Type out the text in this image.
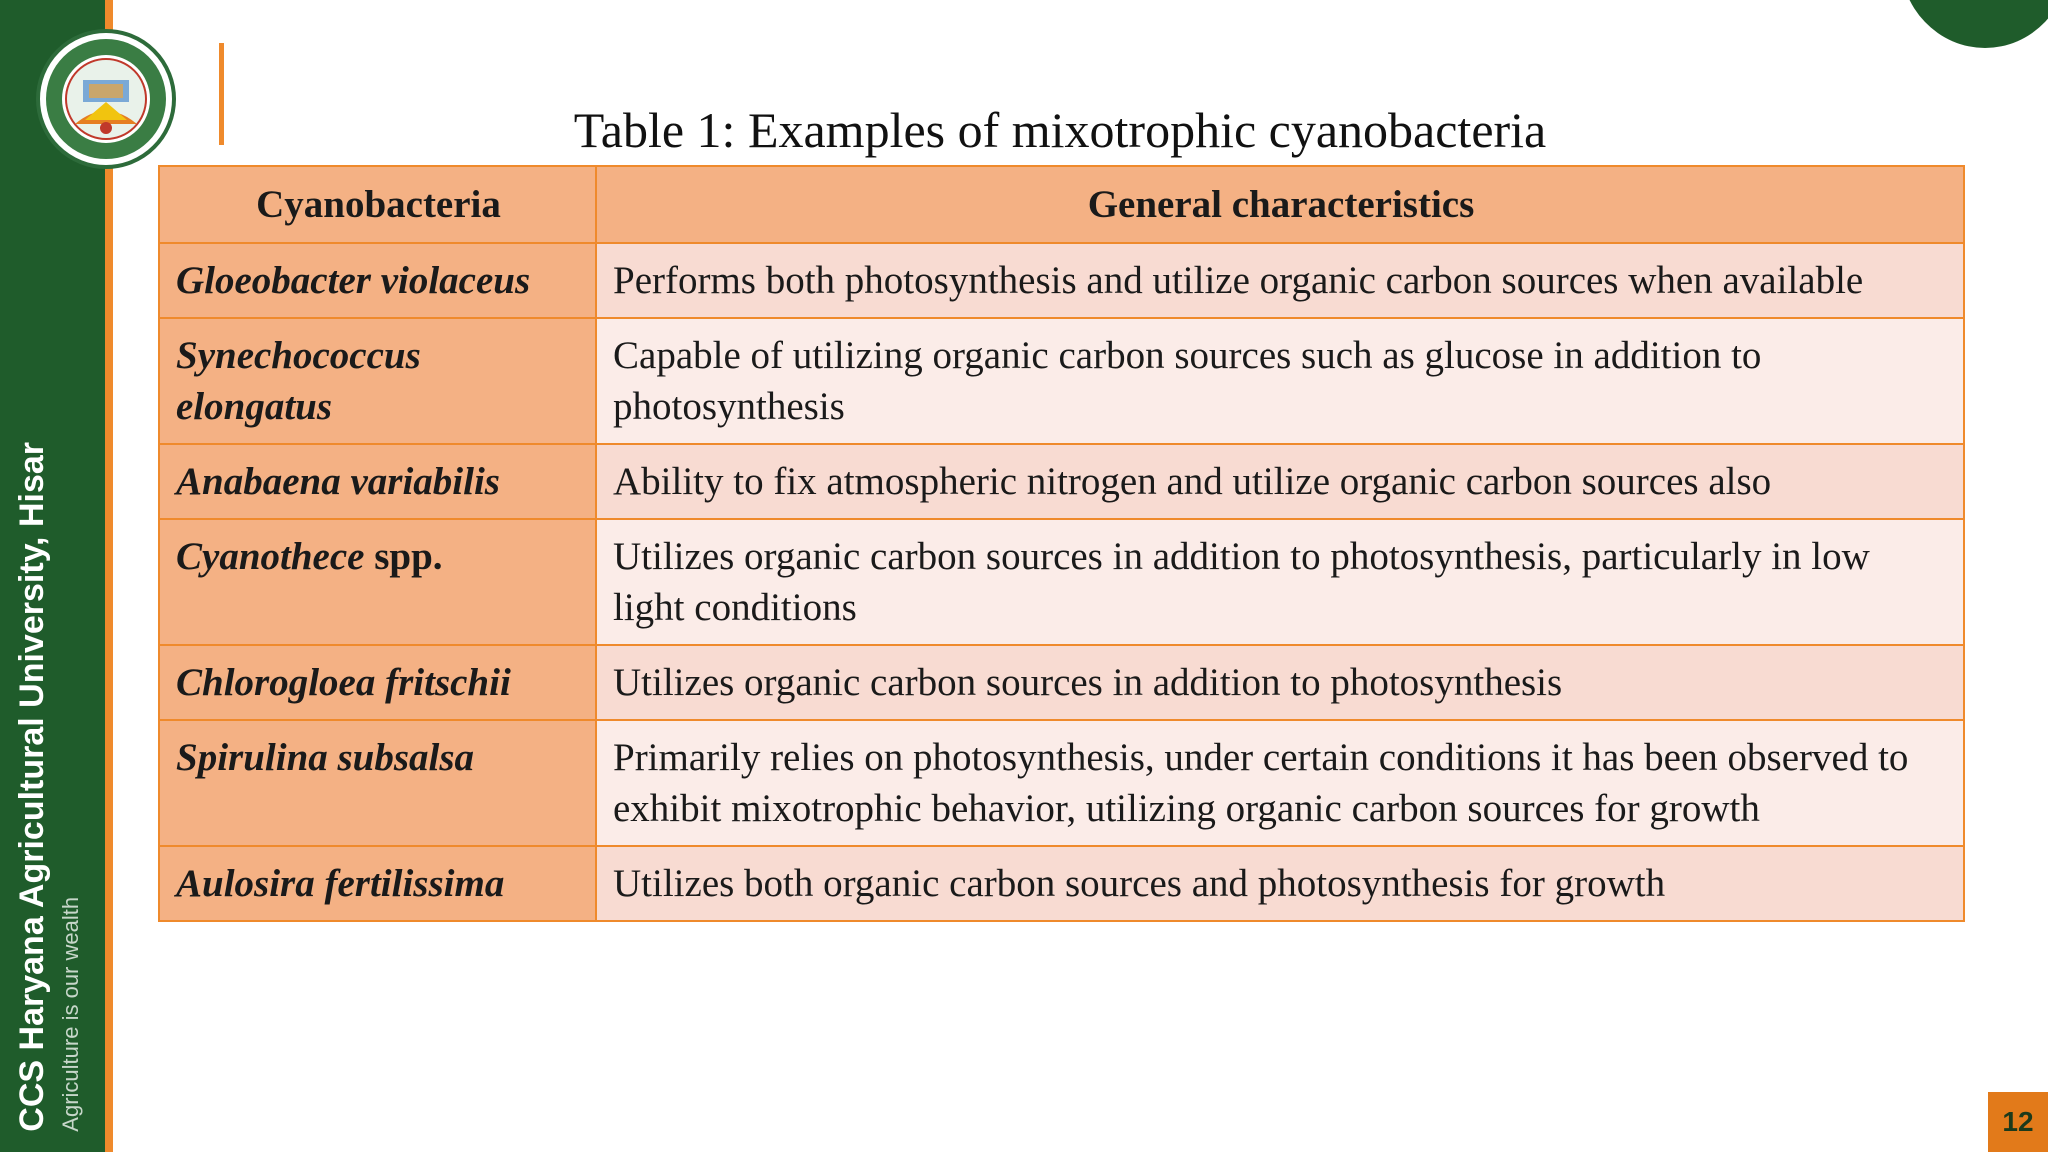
CCS Haryana Agricultural University, Hisar Agriculture is our wealth
Table 1: Examples of mixotrophic cyanobacteria
Cyanobacteria	General characteristics
Gloeobacter violaceus	Performs both photosynthesis and utilize organic carbon sources when available
Synechococcus elongatus	Capable of utilizing organic carbon sources such as glucose in addition to photosynthesis
Anabaena variabilis	Ability to fix atmospheric nitrogen and utilize organic carbon sources also
Cyanothece spp.	Utilizes organic carbon sources in addition to photosynthesis, particularly in low light conditions
Chlorogloea fritschii	Utilizes organic carbon sources in addition to photosynthesis
Spirulina subsalsa	Primarily relies on photosynthesis, under certain conditions it has been observed to exhibit mixotrophic behavior, utilizing organic carbon sources for growth
Aulosira fertilissima	Utilizes both organic carbon sources and photosynthesis for growth
12
